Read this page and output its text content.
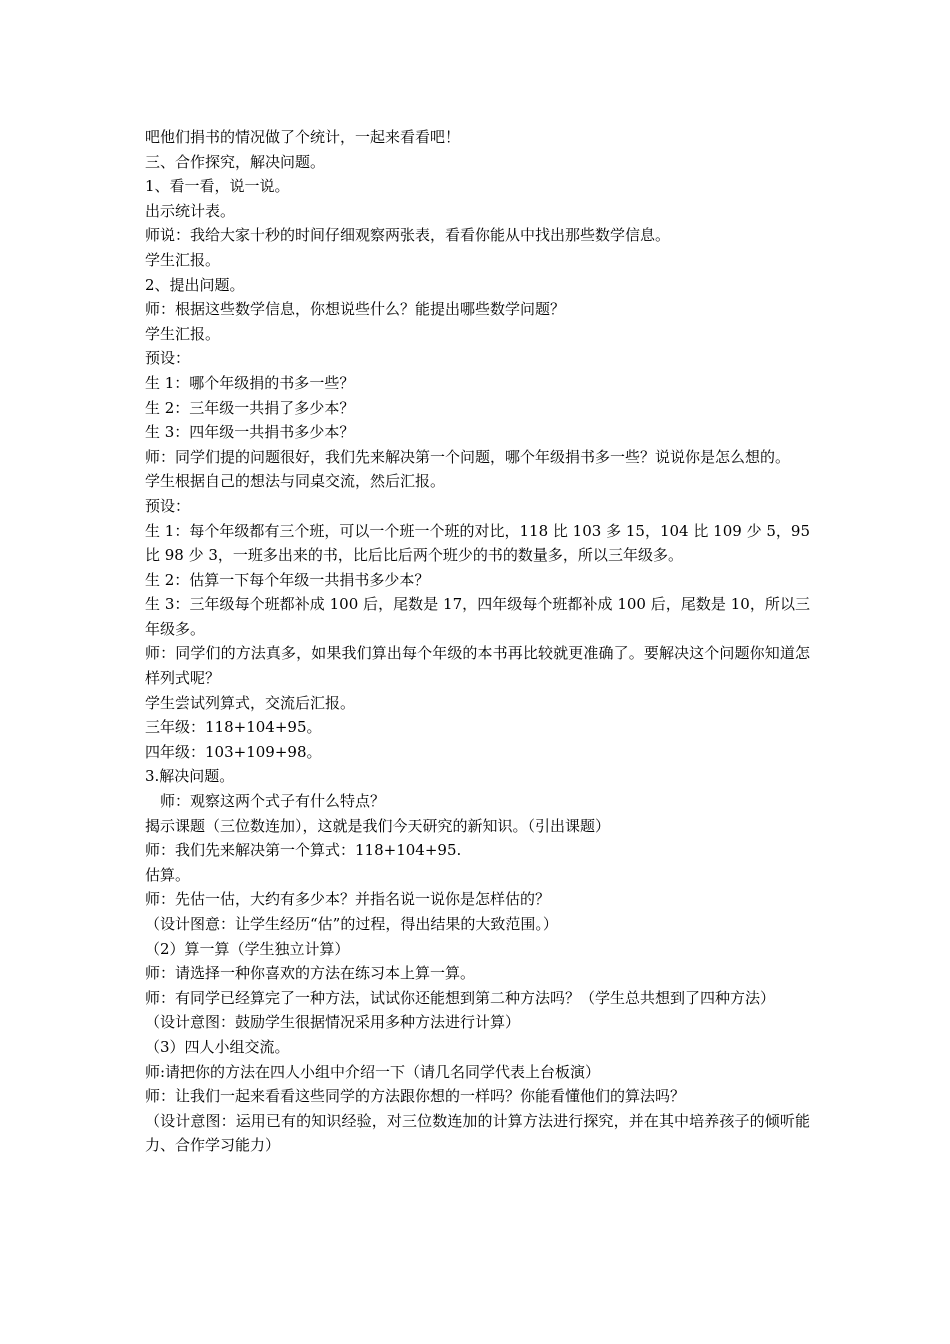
吧他们捐书的情况做了个统计，一起来看看吧！

三、合作探究，解决问题。

1、看一看，说一说。

出示统计表。

师说：我给大家十秒的时间仔细观察两张表，看看你能从中找出那些数学信息。

学生汇报。

2、提出问题。

师：根据这些数学信息，你想说些什么？能提出哪些数学问题？

学生汇报。

预设：

生 1：哪个年级捐的书多一些？

生 2：三年级一共捐了多少本？

生 3：四年级一共捐书多少本？

师：同学们提的问题很好，我们先来解决第一个问题，哪个年级捐书多一些？说说你是怎么想的。

学生根据自己的想法与同桌交流，然后汇报。

预设：

生 1：每个年级都有三个班，可以一个班一个班的对比，118 比 103 多 15，104 比 109 少 5，95 比 98 少 3，一班多出来的书，比后比后两个班少的书的数量多，所以三年级多。

生 2：估算一下每个年级一共捐书多少本？

生 3：三年级每个班都补成 100 后，尾数是 17，四年级每个班都补成 100 后，尾数是 10，所以三年级多。

师：同学们的方法真多，如果我们算出每个年级的本书再比较就更准确了。要解决这个问题你知道怎样列式呢？

学生尝试列算式，交流后汇报。

三年级：118+104+95。

四年级：103+109+98。

3.解决问题。

师：观察这两个式子有什么特点？

揭示课题（三位数连加），这就是我们今天研究的新知识。（引出课题）

师：我们先来解决第一个算式：118+104+95.

估算。

师：先估一估，大约有多少本？并指名说一说你是怎样估的？

（设计图意：让学生经历“估”的过程，得出结果的大致范围。）

（2）算一算（学生独立计算）

师：请选择一种你喜欢的方法在练习本上算一算。

师：有同学已经算完了一种方法，试试你还能想到第二种方法吗？（学生总共想到了四种方法）

（设计意图：鼓励学生很据情况采用多种方法进行计算）

（3）四人小组交流。

师:请把你的方法在四人小组中介绍一下（请几名同学代表上台板演）

师：让我们一起来看看这些同学的方法跟你想的一样吗？你能看懂他们的算法吗？

（设计意图：运用已有的知识经验，对三位数连加的计算方法进行探究，并在其中培养孩子的倾听能力、合作学习能力）
